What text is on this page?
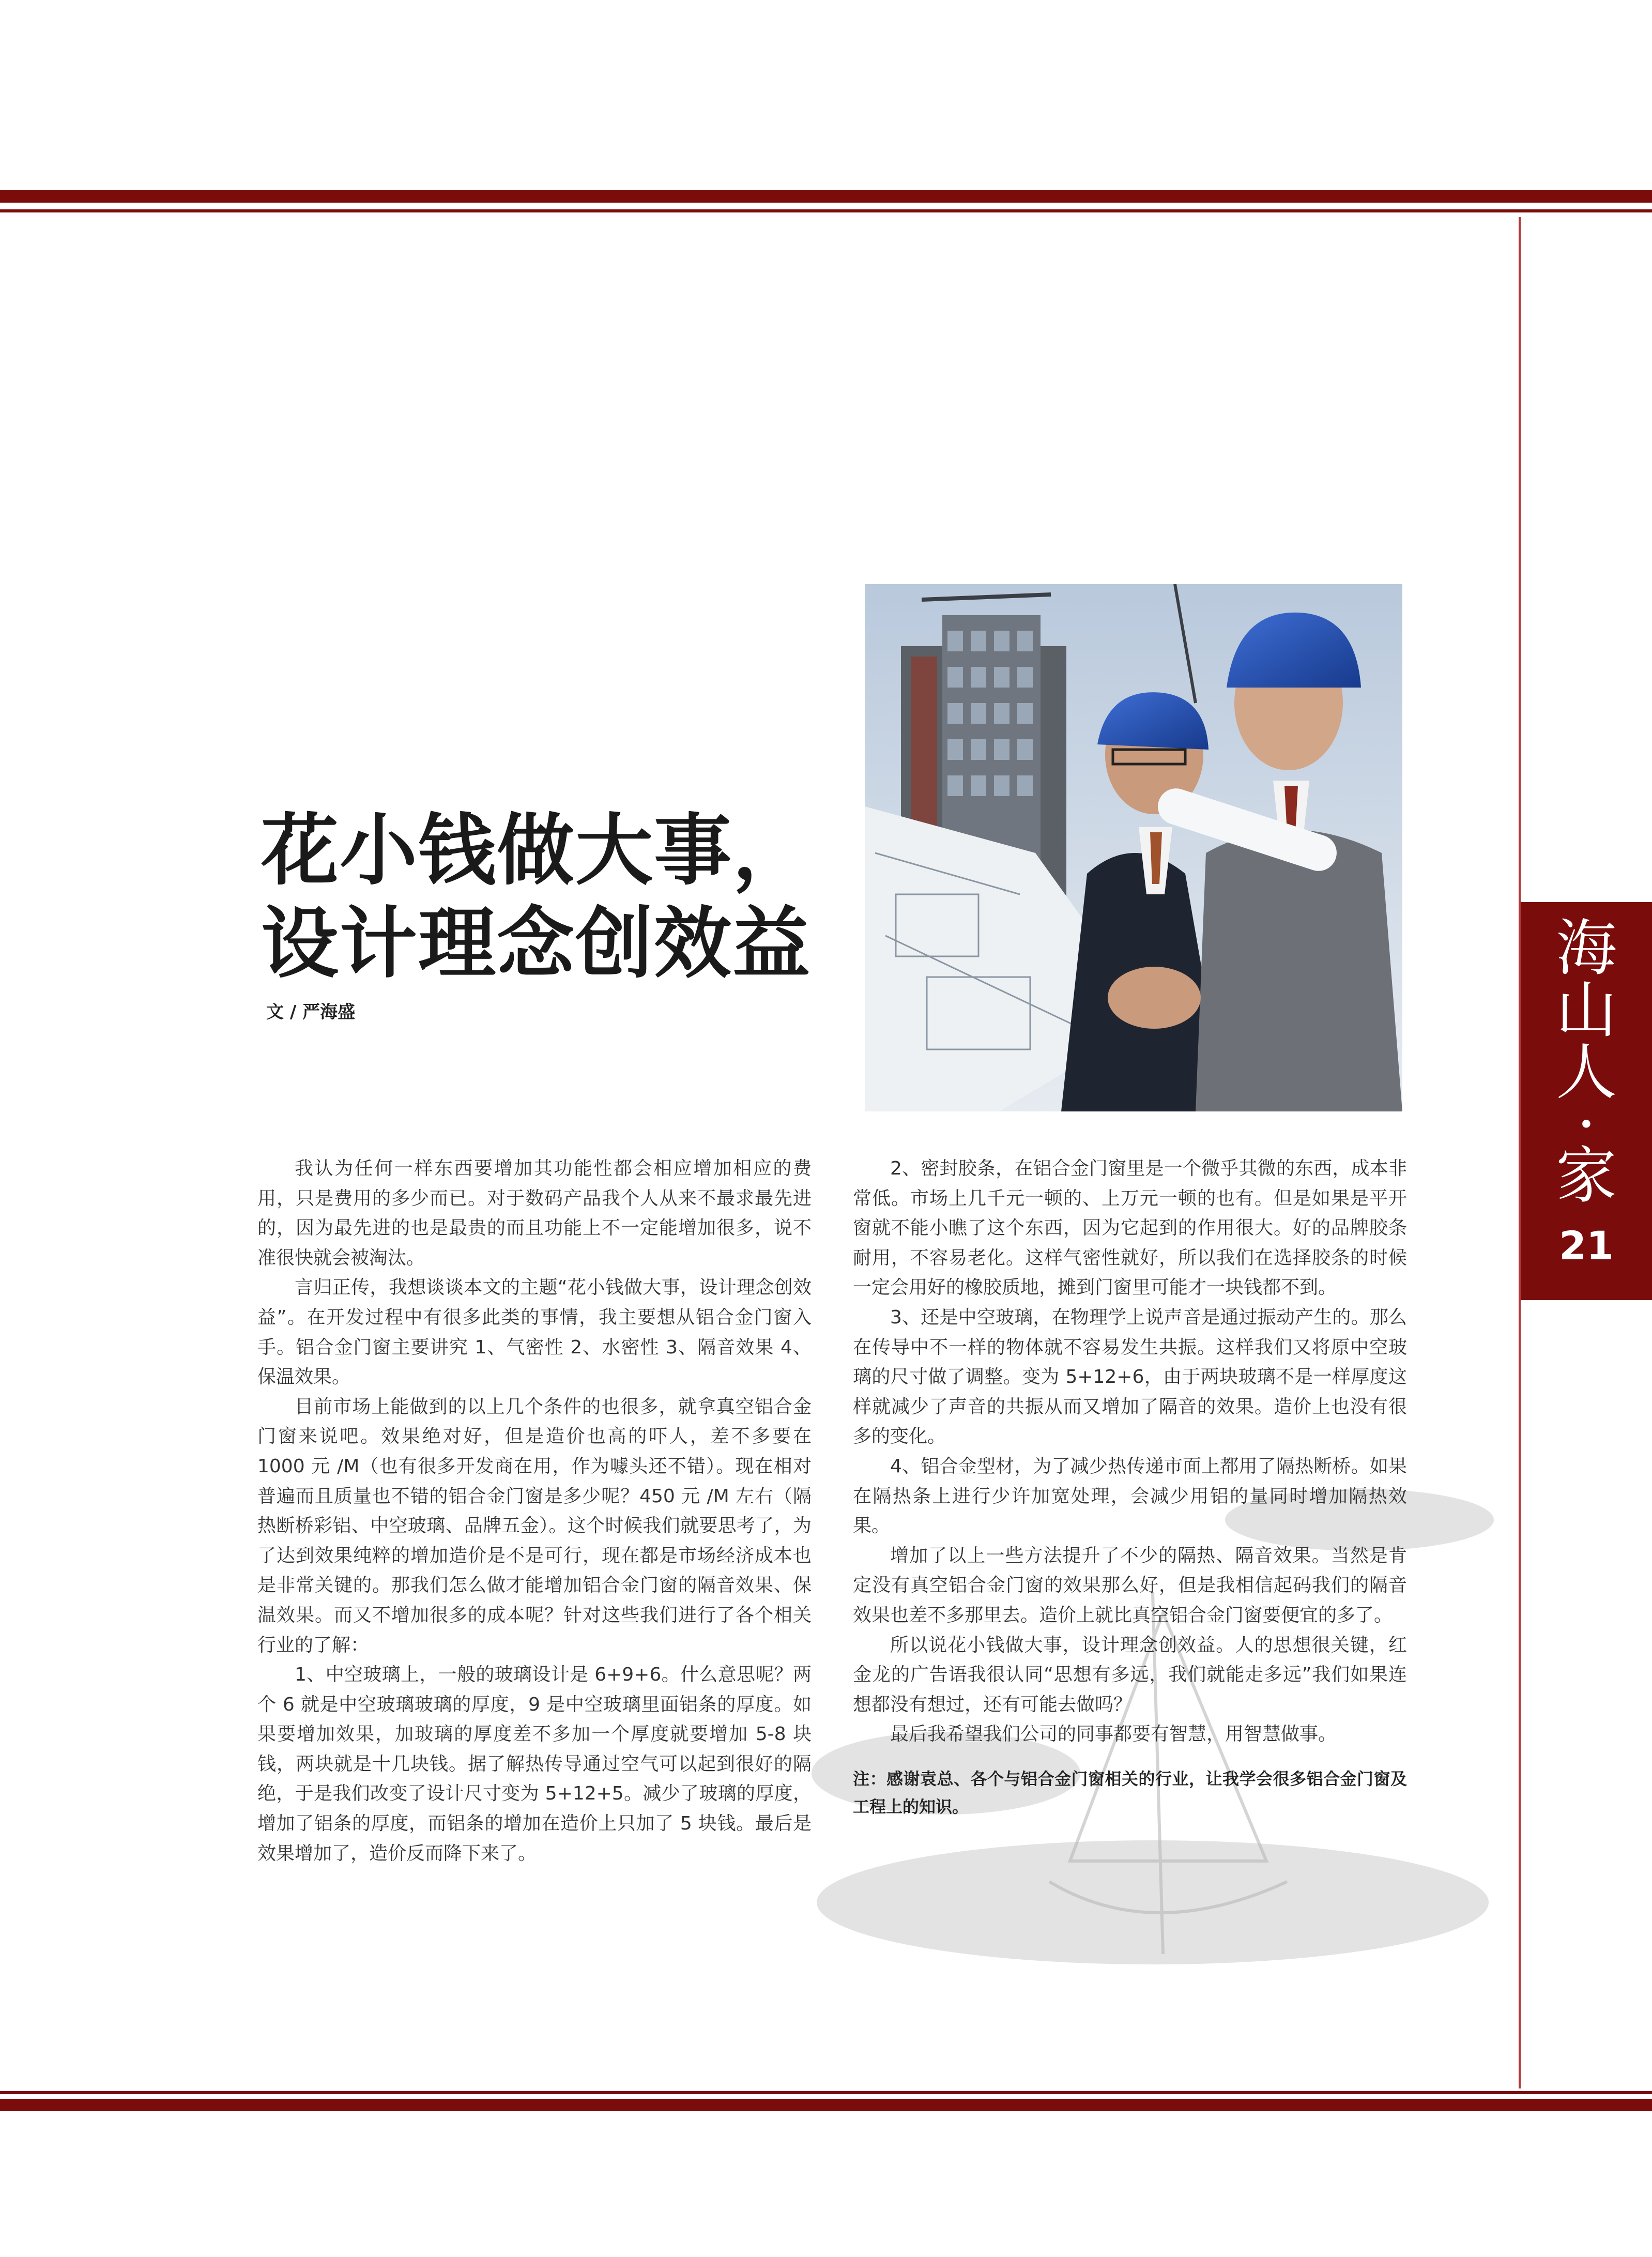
海
山
人
·
家
21
花小钱做大事，
设计理念创效益
文 / 严海盛

我认为任何一样东西要增加其功能性都会相应增加相应的费用，只是费用的多少而已。对于数码产品我个人从来不最求最先进的，因为最先进的也是最贵的而且功能上不一定能增加很多，说不准很快就会被淘汰。

言归正传，我想谈谈本文的主题“花小钱做大事，设计理念创效益”。在开发过程中有很多此类的事情，我主要想从铝合金门窗入手。铝合金门窗主要讲究 1、气密性 2、水密性 3、隔音效果 4、保温效果。

目前市场上能做到的以上几个条件的也很多，就拿真空铝合金门窗来说吧。效果绝对好，但是造价也高的吓人，差不多要在 1000 元 /M（也有很多开发商在用，作为噱头还不错）。现在相对普遍而且质量也不错的铝合金门窗是多少呢？450 元 /M 左右（隔热断桥彩铝、中空玻璃、品牌五金）。这个时候我们就要思考了，为了达到效果纯粹的增加造价是不是可行，现在都是市场经济成本也是非常关键的。那我们怎么做才能增加铝合金门窗的隔音效果、保温效果。而又不增加很多的成本呢？针对这些我们进行了各个相关行业的了解：

1、中空玻璃上，一般的玻璃设计是 6+9+6。什么意思呢？两个 6 就是中空玻璃玻璃的厚度，9 是中空玻璃里面铝条的厚度。如果要增加效果，加玻璃的厚度差不多加一个厚度就要增加 5-8 块钱，两块就是十几块钱。据了解热传导通过空气可以起到很好的隔绝，于是我们改变了设计尺寸变为 5+12+5。减少了玻璃的厚度，增加了铝条的厚度，而铝条的增加在造价上只加了 5 块钱。最后是效果增加了，造价反而降下来了。

2、密封胶条，在铝合金门窗里是一个微乎其微的东西，成本非常低。市场上几千元一顿的、上万元一顿的也有。但是如果是平开窗就不能小瞧了这个东西，因为它起到的作用很大。好的品牌胶条耐用，不容易老化。这样气密性就好，所以我们在选择胶条的时候一定会用好的橡胶质地，摊到门窗里可能才一块钱都不到。

3、还是中空玻璃，在物理学上说声音是通过振动产生的。那么在传导中不一样的物体就不容易发生共振。这样我们又将原中空玻璃的尺寸做了调整。变为 5+12+6，由于两块玻璃不是一样厚度这样就减少了声音的共振从而又增加了隔音的效果。造价上也没有很多的变化。

4、铝合金型材，为了减少热传递市面上都用了隔热断桥。如果在隔热条上进行少许加宽处理，会减少用铝的量同时增加隔热效果。

增加了以上一些方法提升了不少的隔热、隔音效果。当然是肯定没有真空铝合金门窗的效果那么好，但是我相信起码我们的隔音效果也差不多那里去。造价上就比真空铝合金门窗要便宜的多了。

所以说花小钱做大事，设计理念创效益。人的思想很关键，红金龙的广告语我很认同“思想有多远，我们就能走多远”我们如果连想都没有想过，还有可能去做吗？

最后我希望我们公司的同事都要有智慧，用智慧做事。

注：感谢袁总、各个与铝合金门窗相关的行业，让我学会很多铝合金门窗及工程上的知识。
